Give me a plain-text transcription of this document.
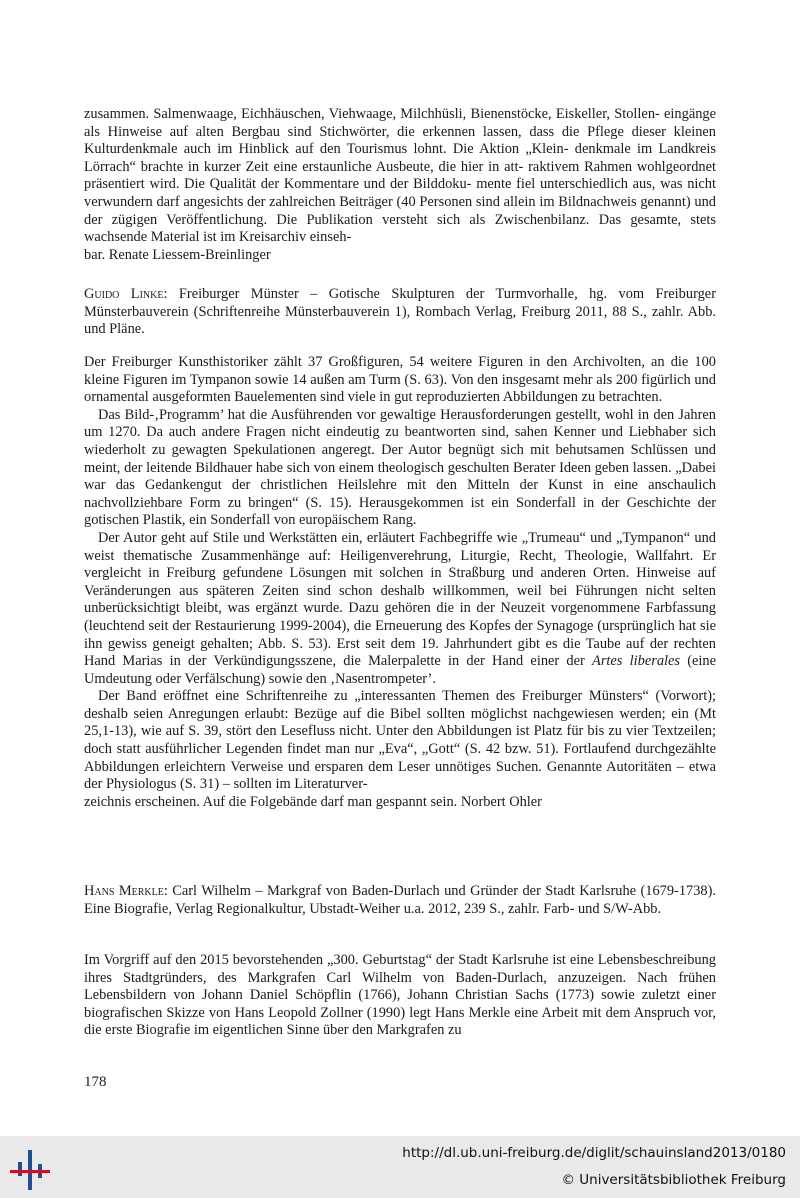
zusammen. Salmenwaage, Eichhäuschen, Viehwaage, Milchhüsli, Bienenstöcke, Eiskeller, Stollen- eingänge als Hinweise auf alten Bergbau sind Stichwörter, die erkennen lassen, dass die Pflege dieser kleinen Kulturdenkmale auch im Hinblick auf den Tourismus lohnt. Die Aktion „Klein- denkmale im Landkreis Lörrach“ brachte in kurzer Zeit eine erstaunliche Ausbeute, die hier in att- raktivem Rahmen wohlgeordnet präsentiert wird. Die Qualität der Kommentare und der Bilddoku- mente fiel unterschiedlich aus, was nicht verwundern darf angesichts der zahlreichen Beiträger (40 Personen sind allein im Bildnachweis genannt) und der zügigen Veröffentlichung. Die Publikation versteht sich als Zwischenbilanz. Das gesamte, stets wachsende Material ist im Kreisarchiv einseh-

bar. Renate Liessem-Breinlinger

Guido Linke: Freiburger Münster – Gotische Skulpturen der Turmvorhalle, hg. vom Freiburger Münsterbauverein (Schriftenreihe Münsterbauverein 1), Rombach Verlag, Freiburg 2011, 88 S., zahlr. Abb. und Pläne.

Der Freiburger Kunsthistoriker zählt 37 Großfiguren, 54 weitere Figuren in den Archivolten, an die 100 kleine Figuren im Tympanon sowie 14 außen am Turm (S. 63). Von den insgesamt mehr als 200 figürlich und ornamental ausgeformten Bauelementen sind viele in gut reproduzierten Abbildungen zu betrachten.

Das Bild-‚Programm’ hat die Ausführenden vor gewaltige Herausforderungen gestellt, wohl in den Jahren um 1270. Da auch andere Fragen nicht eindeutig zu beantworten sind, sahen Kenner und Liebhaber sich wiederholt zu gewagten Spekulationen angeregt. Der Autor begnügt sich mit behutsamen Schlüssen und meint, der leitende Bildhauer habe sich von einem theologisch geschulten Berater Ideen geben lassen. „Dabei war das Gedankengut der christlichen Heilslehre mit den Mitteln der Kunst in eine anschaulich nachvollziehbare Form zu bringen“ (S. 15). Herausgekommen ist ein Sonderfall in der Geschichte der gotischen Plastik, ein Sonderfall von europäischem Rang.

Der Autor geht auf Stile und Werkstätten ein, erläutert Fachbegriffe wie „Trumeau“ und „Tympanon“ und weist thematische Zusammenhänge auf: Heiligenverehrung, Liturgie, Recht, Theologie, Wallfahrt. Er vergleicht in Freiburg gefundene Lösungen mit solchen in Straßburg und anderen Orten. Hinweise auf Veränderungen aus späteren Zeiten sind schon deshalb willkommen, weil bei Führungen nicht selten unberücksichtigt bleibt, was ergänzt wurde. Dazu gehören die in der Neuzeit vorgenommene Farbfassung (leuchtend seit der Restaurierung 1999-2004), die Erneuerung des Kopfes der Synagoge (ursprünglich hat sie ihn gewiss geneigt gehalten; Abb. S. 53). Erst seit dem 19. Jahrhundert gibt es die Taube auf der rechten Hand Marias in der Verkündigungsszene, die Malerpalette in der Hand einer der Artes liberales (eine Umdeutung oder Verfälschung) sowie den ‚Nasentrompeter’.

Der Band eröffnet eine Schriftenreihe zu „interessanten Themen des Freiburger Münsters“ (Vorwort); deshalb seien Anregungen erlaubt: Bezüge auf die Bibel sollten möglichst nachgewiesen werden; ein (Mt 25,1-13), wie auf S. 39, stört den Lesefluss nicht. Unter den Abbildungen ist Platz für bis zu vier Textzeilen; doch statt ausführlicher Legenden findet man nur „Eva“, „Gott“ (S. 42 bzw. 51). Fortlaufend durchgezählte Abbildungen erleichtern Verweise und ersparen dem Leser unnötiges Suchen. Genannte Autoritäten – etwa der Physiologus (S. 31) – sollten im Literaturver-

zeichnis erscheinen. Auf die Folgebände darf man gespannt sein. Norbert Ohler

Hans Merkle: Carl Wilhelm – Markgraf von Baden-Durlach und Gründer der Stadt Karlsruhe (1679-1738). Eine Biografie, Verlag Regionalkultur, Ubstadt-Weiher u.a. 2012, 239 S., zahlr. Farb- und S/W-Abb.

Im Vorgriff auf den 2015 bevorstehenden „300. Geburtstag“ der Stadt Karlsruhe ist eine Lebensbeschreibung ihres Stadtgründers, des Markgrafen Carl Wilhelm von Baden-Durlach, anzuzeigen. Nach frühen Lebensbildern von Johann Daniel Schöpflin (1766), Johann Christian Sachs (1773) sowie zuletzt einer biografischen Skizze von Hans Leopold Zollner (1990) legt Hans Merkle eine Arbeit mit dem Anspruch vor, die erste Biografie im eigentlichen Sinne über den Markgrafen zu

178
http://dl.ub.uni-freiburg.de/diglit/schauinsland2013/0180
© Universitätsbibliothek Freiburg
